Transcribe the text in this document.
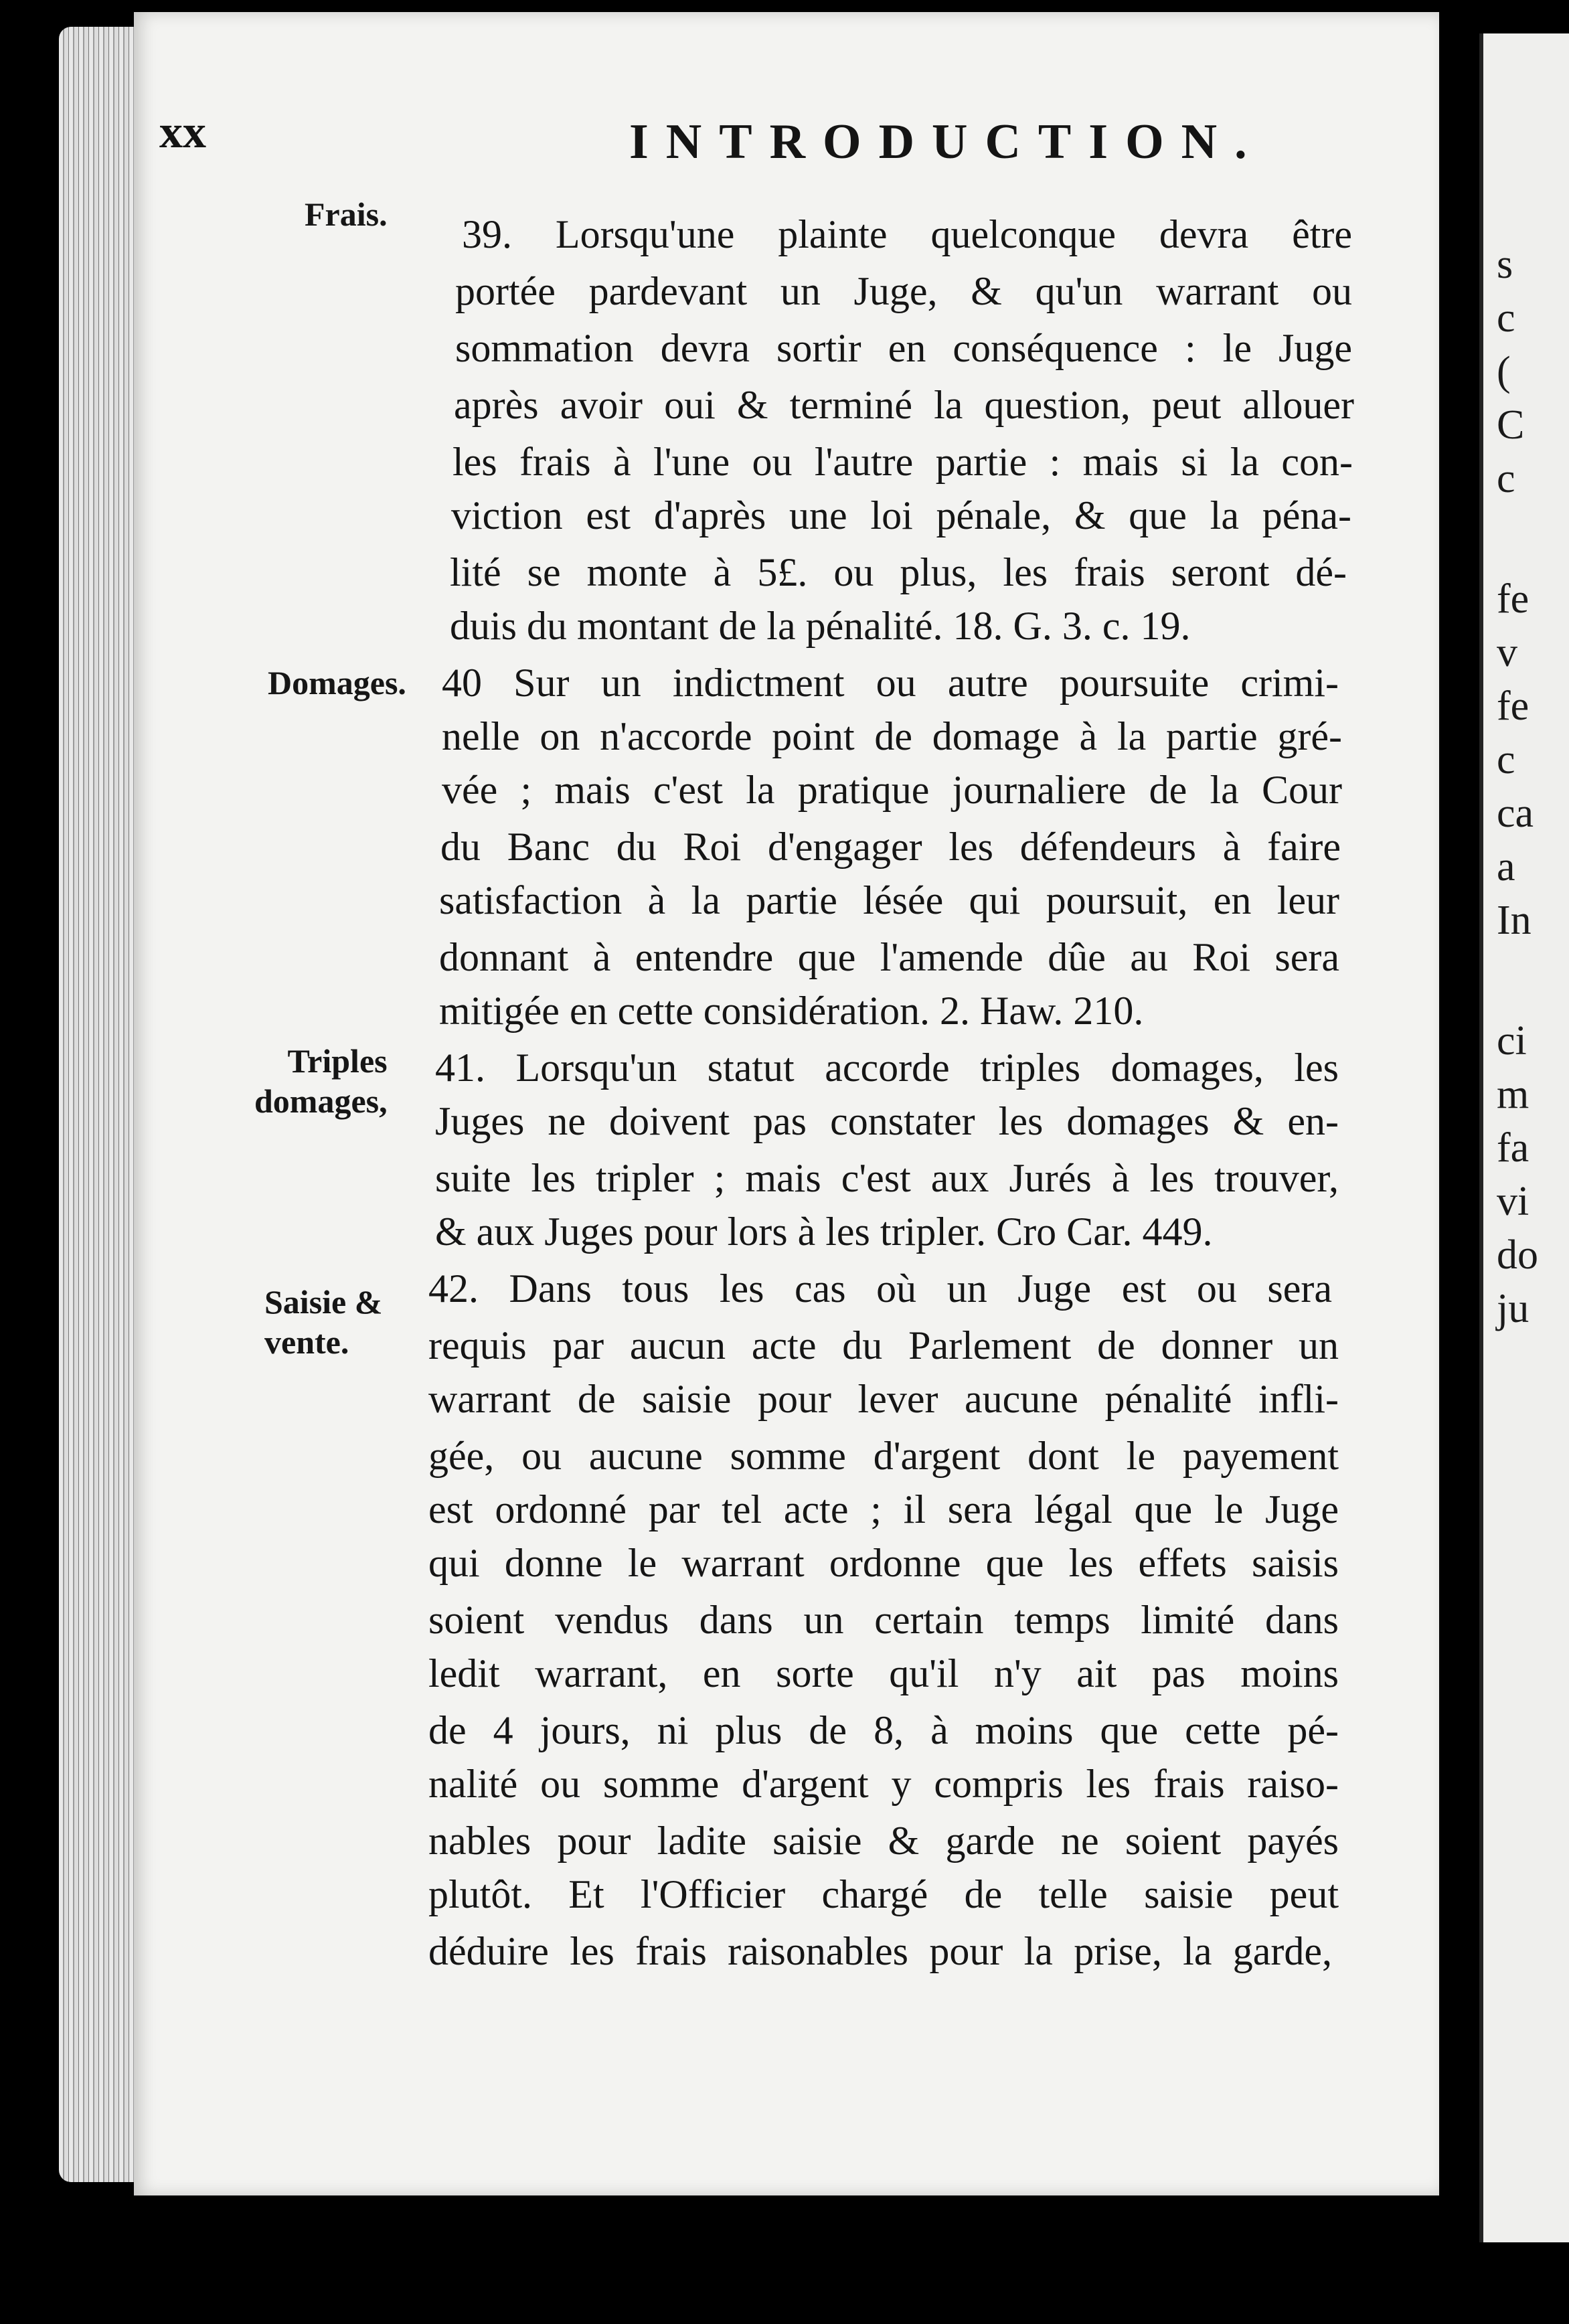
s
c
(
C
c
fe
v
fe
c
ca
a
In
ci
m
fa
vi
do
ju
xx	INTRODUCTION.
Frais.
Domages.
Triples
domages,
Saisie &
vente.
39. Lorsqu'une plainte quelconque devra être
portée pardevant un Juge, & qu'un warrant ou
sommation devra sortir en conséquence : le Juge
après avoir oui & terminé la question, peut allouer
les frais à l'une ou l'autre partie : mais si la con-
viction est d'après une loi pénale, & que la péna-
lité se monte à 5£. ou plus, les frais seront dé-
duis du montant de la pénalité. 18. G. 3. c. 19.
40 Sur un indictment ou autre poursuite crimi-
nelle on n'accorde point de domage à la partie gré-
vée ; mais c'est la pratique journaliere de la Cour
du Banc du Roi d'engager les défendeurs à faire
satisfaction à la partie lésée qui poursuit, en leur
donnant à entendre que l'amende dûe au Roi sera
mitigée en cette considération. 2. Haw. 210.
41. Lorsqu'un statut accorde triples domages, les
Juges ne doivent pas constater les domages & en-
suite les tripler ; mais c'est aux Jurés à les trouver,
& aux Juges pour lors à les tripler. Cro Car. 449.
42. Dans tous les cas où un Juge est ou sera
requis par aucun acte du Parlement de donner un
warrant de saisie pour lever aucune pénalité infli-
gée, ou aucune somme d'argent dont le payement
est ordonné par tel acte ; il sera légal que le Juge
qui donne le warrant ordonne que les effets saisis
soient vendus dans un certain temps limité dans
ledit warrant, en sorte qu'il n'y ait pas moins
de 4 jours, ni plus de 8, à moins que cette pé-
nalité ou somme d'argent y compris les frais raiso-
nables pour ladite saisie & garde ne soient payés
plutôt. Et l'Officier chargé de telle saisie peut
déduire les frais raisonables pour la prise, la garde,
